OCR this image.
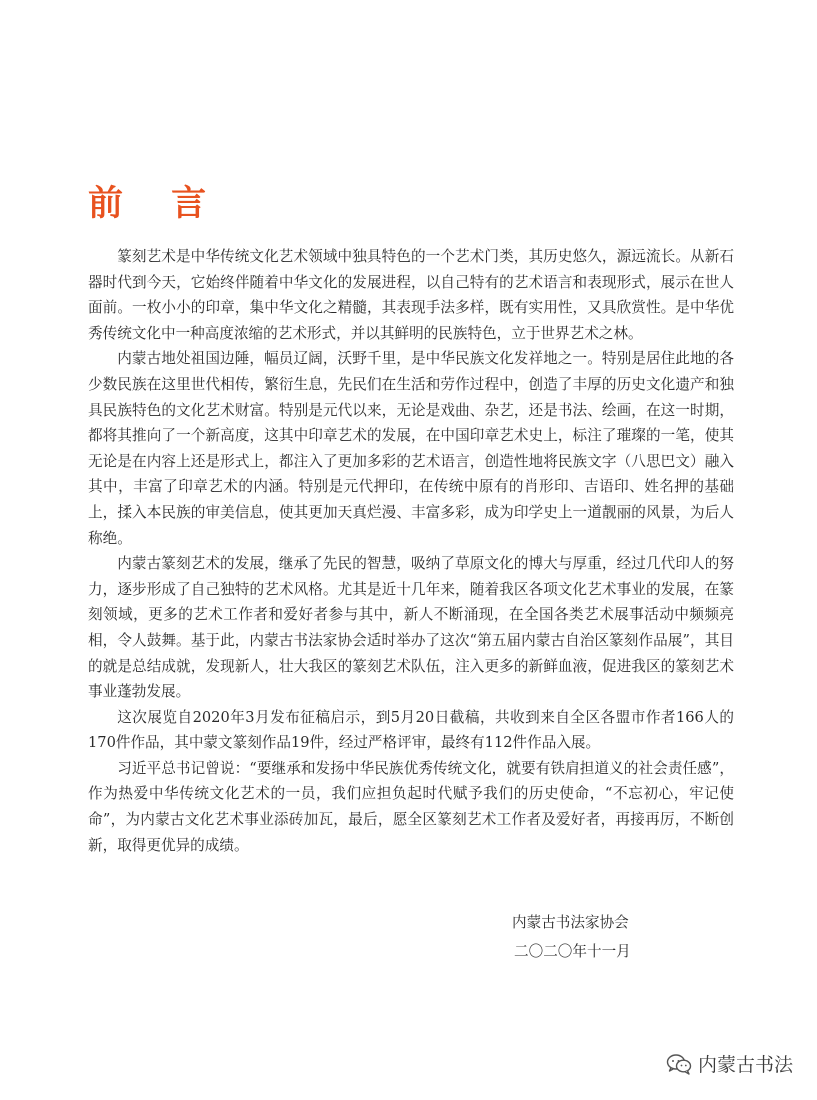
前 言

篆刻艺术是中华传统文化艺术领域中独具特色的一个艺术门类，其历史悠久，源远流长。从新石器时代到今天，它始终伴随着中华文化的发展进程，以自己特有的艺术语言和表现形式，展示在世人面前。一枚小小的印章，集中华文化之精髓，其表现手法多样，既有实用性，又具欣赏性。是中华优秀传统文化中一种高度浓缩的艺术形式，并以其鲜明的民族特色，立于世界艺术之林。

内蒙古地处祖国边陲，幅员辽阔，沃野千里，是中华民族文化发祥地之一。特别是居住此地的各少数民族在这里世代相传，繁衍生息，先民们在生活和劳作过程中，创造了丰厚的历史文化遗产和独具民族特色的文化艺术财富。特别是元代以来，无论是戏曲、杂艺，还是书法、绘画，在这一时期，都将其推向了一个新高度，这其中印章艺术的发展，在中国印章艺术史上，标注了璀璨的一笔，使其无论是在内容上还是形式上，都注入了更加多彩的艺术语言，创造性地将民族文字（八思巴文）融入其中，丰富了印章艺术的内涵。特别是元代押印，在传统中原有的肖形印、吉语印、姓名押的基础上，揉入本民族的审美信息，使其更加天真烂漫、丰富多彩，成为印学史上一道靓丽的风景，为后人称绝。

内蒙古篆刻艺术的发展，继承了先民的智慧，吸纳了草原文化的博大与厚重，经过几代印人的努力，逐步形成了自己独特的艺术风格。尤其是近十几年来，随着我区各项文化艺术事业的发展，在篆刻领域，更多的艺术工作者和爱好者参与其中，新人不断涌现，在全国各类艺术展事活动中频频亮相，令人鼓舞。基于此，内蒙古书法家协会适时举办了这次“第五届内蒙古自治区篆刻作品展”，其目的就是总结成就，发现新人，壮大我区的篆刻艺术队伍，注入更多的新鲜血液，促进我区的篆刻艺术事业蓬勃发展。

这次展览自2020年3月发布征稿启示，到5月20日截稿，共收到来自全区各盟市作者166人的170件作品，其中蒙文篆刻作品19件，经过严格评审，最终有112件作品入展。

习近平总书记曾说：“要继承和发扬中华民族优秀传统文化，就要有铁肩担道义的社会责任感”，作为热爱中华传统文化艺术的一员，我们应担负起时代赋予我们的历史使命，“不忘初心，牢记使命”，为内蒙古文化艺术事业添砖加瓦，最后，愿全区篆刻艺术工作者及爱好者，再接再厉，不断创新，取得更优异的成绩。

内蒙古书法家协会
二〇二〇年十一月
内蒙古书法
